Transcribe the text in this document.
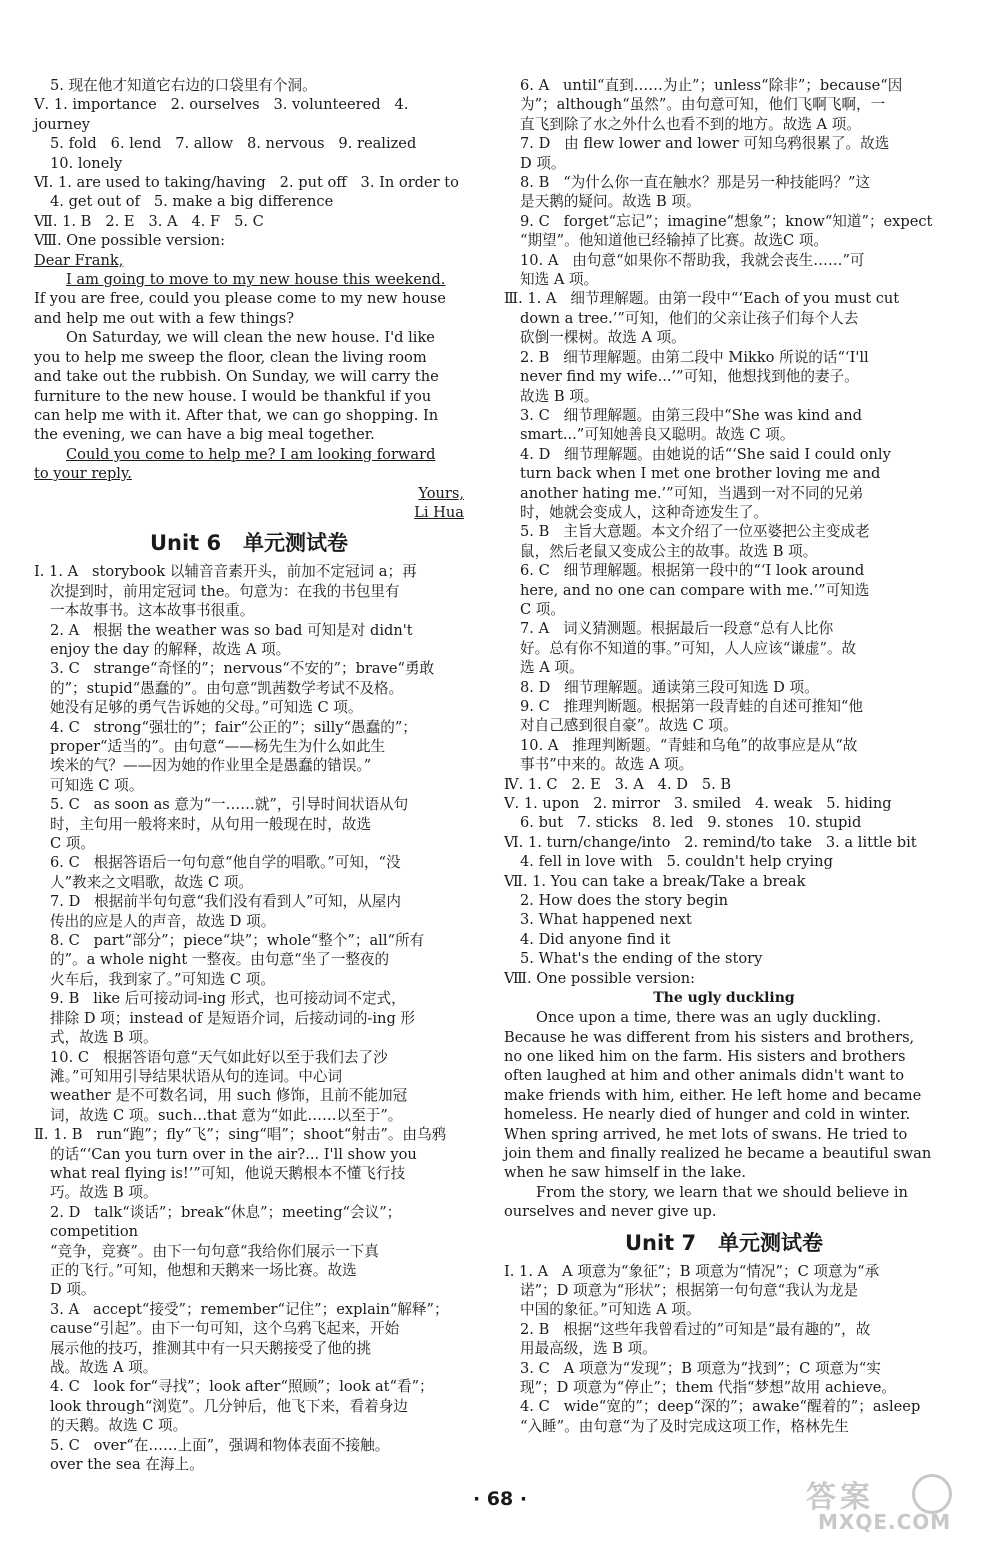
5. 现在他才知道它右边的口袋里有个洞。
Ⅴ. 1. importance   2. ourselves   3. volunteered   4. journey
5. fold   6. lend   7. allow   8. nervous   9. realized
10. lonely
Ⅵ. 1. are used to taking/having   2. put off   3. In order to
4. get out of   5. make a big difference
Ⅶ. 1. B   2. E   3. A   4. F   5. C
Ⅷ. One possible version:
Dear Frank,
I am going to move to my new house this weekend.
If you are free, could you please come to my new house
and help me out with a few things?
On Saturday, we will clean the new house. I'd like
you to help me sweep the floor, clean the living room
and take out the rubbish. On Sunday, we will carry the
furniture to the new house. I would be thankful if you
can help me with it. After that, we can go shopping. In
the evening, we can have a big meal together.
Could you come to help me? I am looking forward
to your reply.
Yours,
Li Hua
Unit 6   单元测试卷
Ⅰ. 1. A   storybook 以辅音音素开头，前加不定冠词 a；再
次提到时，前用定冠词 the。句意为：在我的书包里有
一本故事书。这本故事书很重。
2. A   根据 the weather was so bad 可知是对 didn't
enjoy the day 的解释，故选 A 项。
3. C   strange“奇怪的”；nervous“不安的”；brave“勇敢
的”；stupid“愚蠢的”。由句意“凯茜数学考试不及格。
她没有足够的勇气告诉她的父母。”可知选 C 项。
4. C   strong“强壮的”；fair“公正的”；silly“愚蠢的”；
proper“适当的”。由句意“——杨先生为什么如此生
埃米的气？——因为她的作业里全是愚蠢的错误。”
可知选 C 项。
5. C   as soon as 意为“一……就”，引导时间状语从句
时，主句用一般将来时，从句用一般现在时，故选
C 项。
6. C   根据答语后一句句意“他自学的唱歌。”可知，“没
人”教来之文唱歌，故选 C 项。
7. D   根据前半句句意“我们没有看到人”可知，从屋内
传出的应是人的声音，故选 D 项。
8. C   part“部分”；piece“块”；whole“整个”；all“所有
的”。a whole night 一整夜。由句意“坐了一整夜的
火车后，我到家了。”可知选 C 项。
9. B   like 后可接动词-ing 形式，也可接动词不定式，
排除 D 项；instead of 是短语介词，后接动词的-ing 形
式，故选 B 项。
10. C   根据答语句意“天气如此好以至于我们去了沙
滩。”可知用引导结果状语从句的连词。中心词
weather 是不可数名词，用 such 修饰，且前不能加冠
词，故选 C 项。such…that 意为“如此……以至于”。
Ⅱ. 1. B   run“跑”；fly“飞”；sing“唱”；shoot“射击”。由乌鸦
的话“‘Can you turn over in the air?... I'll show you
what real flying is!’”可知，他说天鹅根本不懂飞行技
巧。故选 B 项。
2. D   talk“谈话”；break“休息”；meeting“会议”；competition
“竞争，竞赛”。由下一句句意“我给你们展示一下真
正的飞行。”可知，他想和天鹅来一场比赛。故选
D 项。
3. A   accept“接受”；remember“记住”；explain“解释”；
cause“引起”。由下一句可知，这个乌鸦飞起来，开始
展示他的技巧，推测其中有一只天鹅接受了他的挑
战。故选 A 项。
4. C   look for“寻找”；look after“照顾”；look at“看”；
look through“浏览”。几分钟后，他飞下来，看着身边
的天鹅。故选 C 项。
5. C   over“在……上面”，强调和物体表面不接触。
over the sea 在海上。
6. A   until“直到……为止”；unless“除非”；because“因
为”；although“虽然”。由句意可知，他们飞啊飞啊，一
直飞到除了水之外什么也看不到的地方。故选 A 项。
7. D   由 flew lower and lower 可知乌鸦很累了。故选
D 项。
8. B   “为什么你一直在触水？那是另一种技能吗？”这
是天鹅的疑问。故选 B 项。
9. C   forget“忘记”；imagine“想象”；know“知道”；expect
“期望”。他知道他已经输掉了比赛。故选C 项。
10. A   由句意“如果你不帮助我，我就会丧生……”可
知选 A 项。
Ⅲ. 1. A   细节理解题。由第一段中“‘Each of you must cut
down a tree.’”可知，他们的父亲让孩子们每个人去
砍倒一棵树。故选 A 项。
2. B   细节理解题。由第二段中 Mikko 所说的话“‘I'll
never find my wife...’”可知，他想找到他的妻子。
故选 B 项。
3. C   细节理解题。由第三段中“She was kind and
smart...”可知她善良又聪明。故选 C 项。
4. D   细节理解题。由她说的话“‘She said I could only
turn back when I met one brother loving me and
another hating me.’”可知，当遇到一对不同的兄弟
时，她就会变成人，这种奇迹发生了。
5. B   主旨大意题。本文介绍了一位巫婆把公主变成老
鼠，然后老鼠又变成公主的故事。故选 B 项。
6. C   细节理解题。根据第一段中的“‘I look around
here, and no one can compare with me.’”可知选
C 项。
7. A   词义猜测题。根据最后一段意“总有人比你
好。总有你不知道的事。”可知，人人应该“谦虚”。故
选 A 项。
8. D   细节理解题。通读第三段可知选 D 项。
9. C   推理判断题。根据第一段青蛙的自述可推知“他
对自己感到很自豪”。故选 C 项。
10. A   推理判断题。“青蛙和乌龟”的故事应是从“故
事书”中来的。故选 A 项。
Ⅳ. 1. C   2. E   3. A   4. D   5. B
Ⅴ. 1. upon   2. mirror   3. smiled   4. weak   5. hiding
6. but   7. sticks   8. led   9. stones   10. stupid
Ⅵ. 1. turn/change/into   2. remind/to take   3. a little bit
4. fell in love with   5. couldn't help crying
Ⅶ. 1. You can take a break/Take a break
2. How does the story begin
3. What happened next
4. Did anyone find it
5. What's the ending of the story
Ⅷ. One possible version:
The ugly duckling
Once upon a time, there was an ugly duckling.
Because he was different from his sisters and brothers,
no one liked him on the farm. His sisters and brothers
often laughed at him and other animals didn't want to
make friends with him, either. He left home and became
homeless. He nearly died of hunger and cold in winter.
When spring arrived, he met lots of swans. He tried to
join them and finally realized he became a beautiful swan
when he saw himself in the lake.
From the story, we learn that we should believe in
ourselves and never give up.
Unit 7   单元测试卷
Ⅰ. 1. A   A 项意为“象征”；B 项意为“情况”；C 项意为“承
诺”；D 项意为“形状”；根据第一句句意“我认为龙是
中国的象征。”可知选 A 项。
2. B   根据“这些年我曾看过的”可知是“最有趣的”，故
用最高级，选 B 项。
3. C   A 项意为“发现”；B 项意为“找到”；C 项意为“实
现”；D 项意为“停止”；them 代指“梦想”故用 achieve。
4. C   wide“宽的”；deep“深的”；awake“醒着的”；asleep
“入睡”。由句意“为了及时完成这项工作，格林先生
· 68 ·	答案
MXQE.COM
